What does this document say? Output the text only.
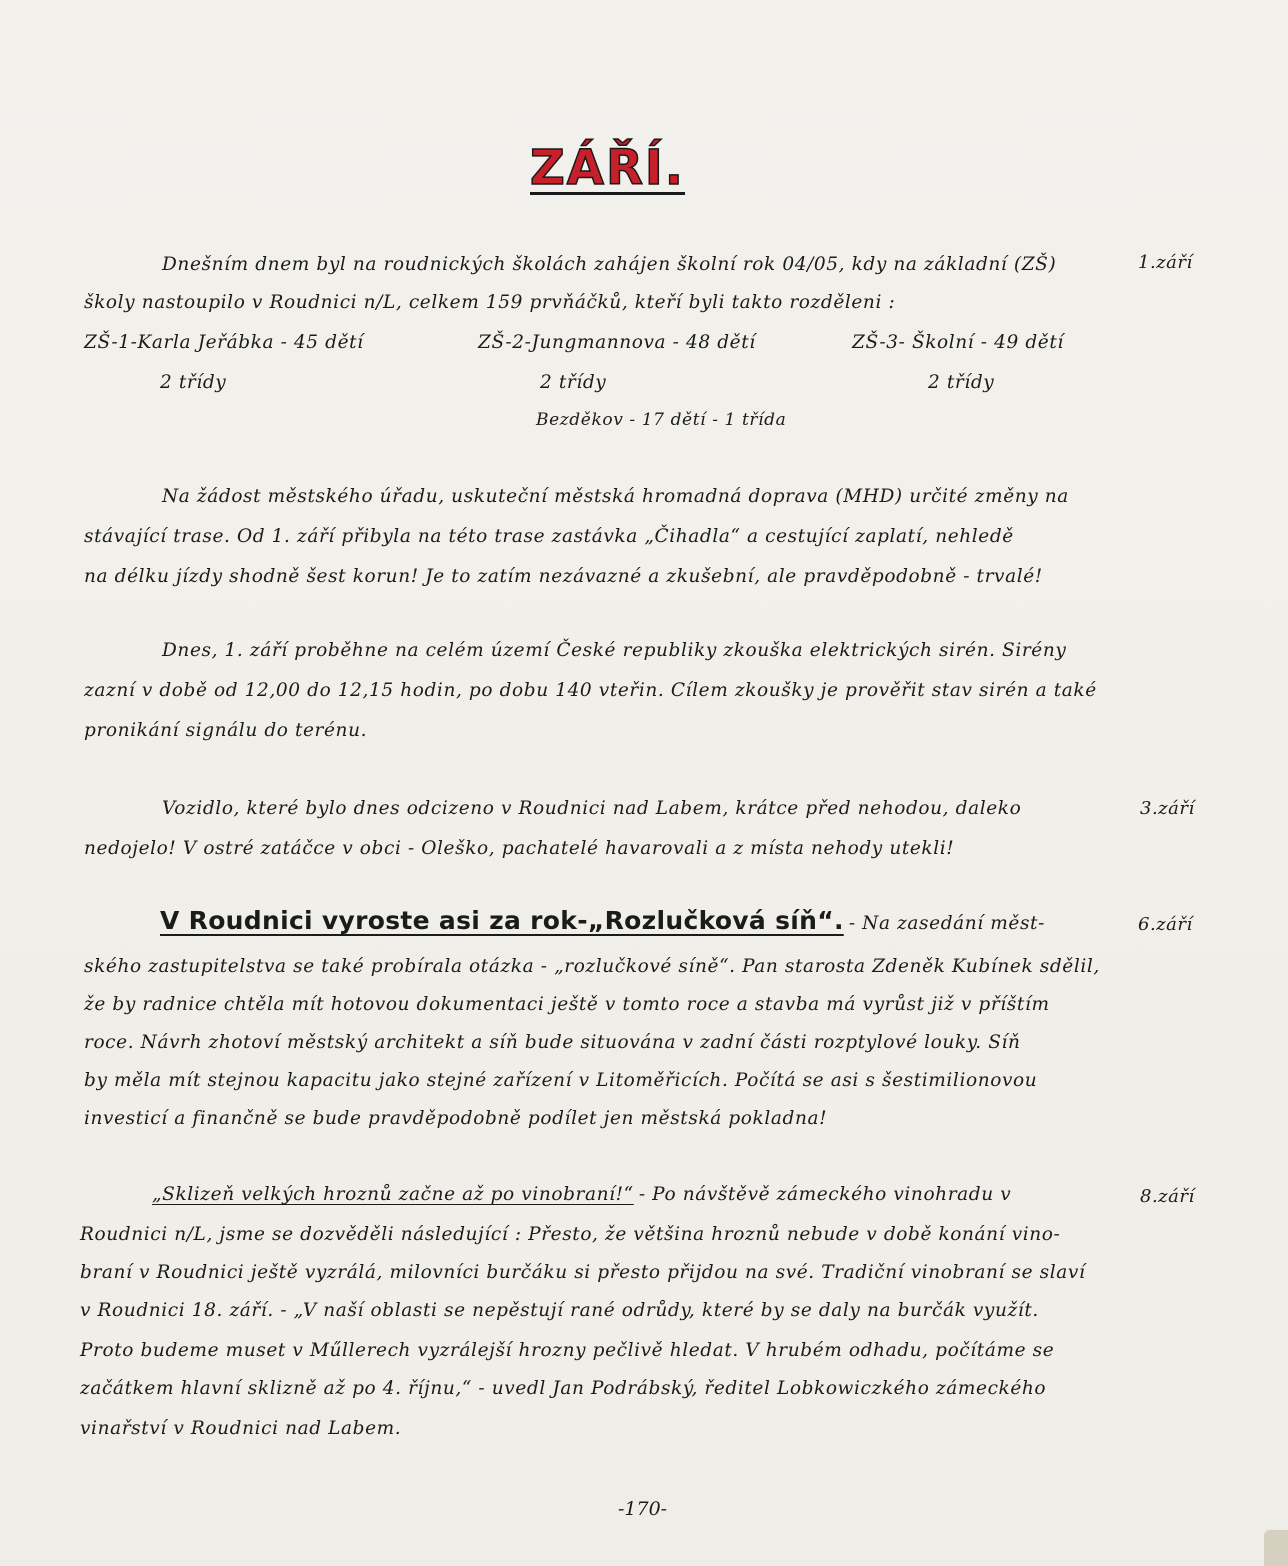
ZÁŘÍ.
1.září
Dnešním dnem byl na roudnických školách zahájen školní rok 04/05, kdy na základní (ZŠ)
školy nastoupilo v Roudnici n/L, celkem 159 prvňáčků, kteří byli takto rozděleni :
ZŠ-1-Karla Jeřábka - 45 dětí	ZŠ-2-Jungmannova - 48 dětí	ZŠ-3- Školní - 49 dětí
2 třídy	2 třídy	2 třídy
Bezděkov - 17 dětí - 1 třída
Na žádost městského úřadu, uskuteční městská hromadná doprava (MHD) určité změny na
stávající trase. Od 1. září přibyla na této trase zastávka „Čihadla“ a cestující zaplatí, nehledě
na délku jízdy shodně šest korun! Je to zatím nezávazné a zkušební, ale pravděpodobně - trvalé!
Dnes, 1. září proběhne na celém území České republiky zkouška elektrických sirén. Sirény
zazní v době od 12,00 do 12,15 hodin, po dobu 140 vteřin. Cílem zkoušky je prověřit stav sirén a také
pronikání signálu do terénu.
3.září
Vozidlo, které bylo dnes odcizeno v Roudnici nad Labem, krátce před nehodou, daleko
nedojelo! V ostré zatáčce v obci - Oleško, pachatelé havarovali a z místa nehody utekli!
6.září
V Roudnici vyroste asi za rok-„Rozlučková síň“. - Na zasedání měst-
ského zastupitelstva se také probírala otázka - „rozlučkové síně“. Pan starosta Zdeněk Kubínek sdělil,
že by radnice chtěla mít hotovou dokumentaci ještě v tomto roce a stavba má vyrůst již v příštím
roce. Návrh zhotoví městský architekt a síň bude situována v zadní části rozptylové louky. Síň
by měla mít stejnou kapacitu jako stejné zařízení v Litoměřicích. Počítá se asi s šestimilionovou
investicí a finančně se bude pravděpodobně podílet jen městská pokladna!
8.září
„Sklizeň velkých hroznů začne až po vinobraní!“ - Po návštěvě zámeckého vinohradu v
Roudnici n/L, jsme se dozvěděli následující : Přesto, že většina hroznů nebude v době konání vino-
braní v Roudnici ještě vyzrálá, milovníci burčáku si přesto přijdou na své. Tradiční vinobraní se slaví
v Roudnici 18. září. - „V naší oblasti se nepěstují rané odrůdy, které by se daly na burčák využít.
Proto budeme muset v Műllerech vyzrálejší hrozny pečlivě hledat. V hrubém odhadu, počítáme se
začátkem hlavní sklizně až po 4. říjnu,“ - uvedl Jan Podrábský, ředitel Lobkowiczkého zámeckého
vinařství v Roudnici nad Labem.
-170-
